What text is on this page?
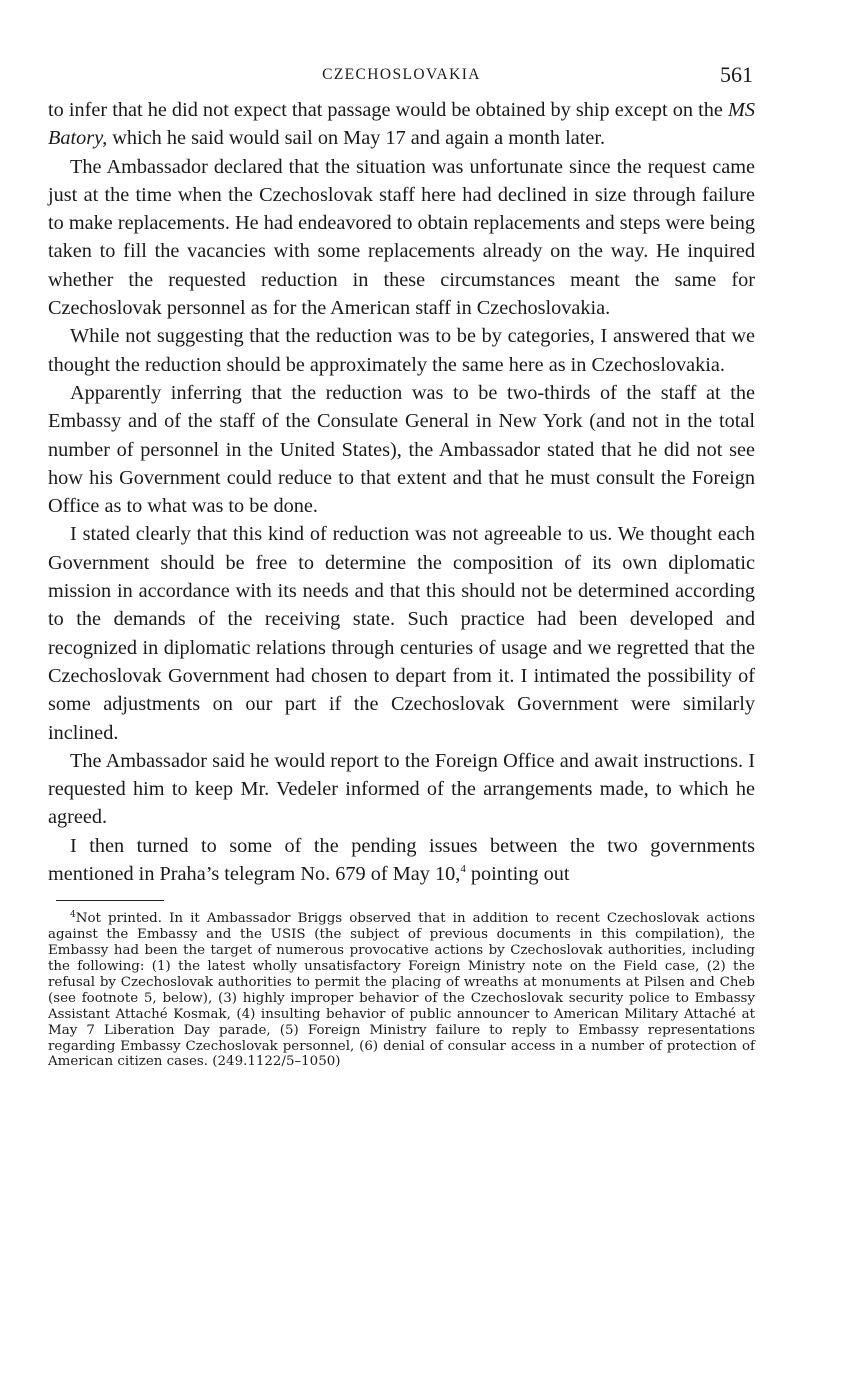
CZECHOSLOVAKIA	561

to infer that he did not expect that passage would be obtained by ship except on the MS Batory, which he said would sail on May 17 and again a month later.

The Ambassador declared that the situation was unfortunate since the request came just at the time when the Czechoslovak staff here had declined in size through failure to make replacements. He had endeavored to obtain replacements and steps were being taken to fill the vacancies with some replacements already on the way. He inquired whether the requested reduction in these circumstances meant the same for Czechoslovak personnel as for the American staff in Czechoslovakia.

While not suggesting that the reduction was to be by categories, I answered that we thought the reduction should be approximately the same here as in Czechoslovakia.

Apparently inferring that the reduction was to be two-thirds of the staff at the Embassy and of the staff of the Consulate General in New York (and not in the total number of personnel in the United States), the Ambassador stated that he did not see how his Government could reduce to that extent and that he must consult the Foreign Office as to what was to be done.

I stated clearly that this kind of reduction was not agreeable to us. We thought each Government should be free to determine the composition of its own diplomatic mission in accordance with its needs and that this should not be determined according to the demands of the receiving state. Such practice had been developed and recognized in diplomatic relations through centuries of usage and we regretted that the Czechoslovak Government had chosen to depart from it. I intimated the possibility of some adjustments on our part if the Czechoslovak Government were similarly inclined.

The Ambassador said he would report to the Foreign Office and await instructions. I requested him to keep Mr. Vedeler informed of the arrangements made, to which he agreed.

I then turned to some of the pending issues between the two governments mentioned in Praha’s telegram No. 679 of May 10,$^4$ pointing out

$^4$Not printed. In it Ambassador Briggs observed that in addition to recent Czechoslovak actions against the Embassy and the USIS (the subject of previous documents in this compilation), the Embassy had been the target of numerous provocative actions by Czechoslovak authorities, including the following: (1) the latest wholly unsatisfactory Foreign Ministry note on the Field case, (2) the refusal by Czechoslovak authorities to permit the placing of wreaths at monuments at Pilsen and Cheb (see footnote 5, below), (3) highly improper behavior of the Czechoslovak security police to Embassy Assistant Attaché Kosmak, (4) insulting behavior of public announcer to American Military Attaché at May 7 Liberation Day parade, (5) Foreign Ministry failure to reply to Embassy representations regarding Embassy Czechoslovak personnel, (6) denial of consular access in a number of protection of American citizen cases. (249.1122/5–1050)
